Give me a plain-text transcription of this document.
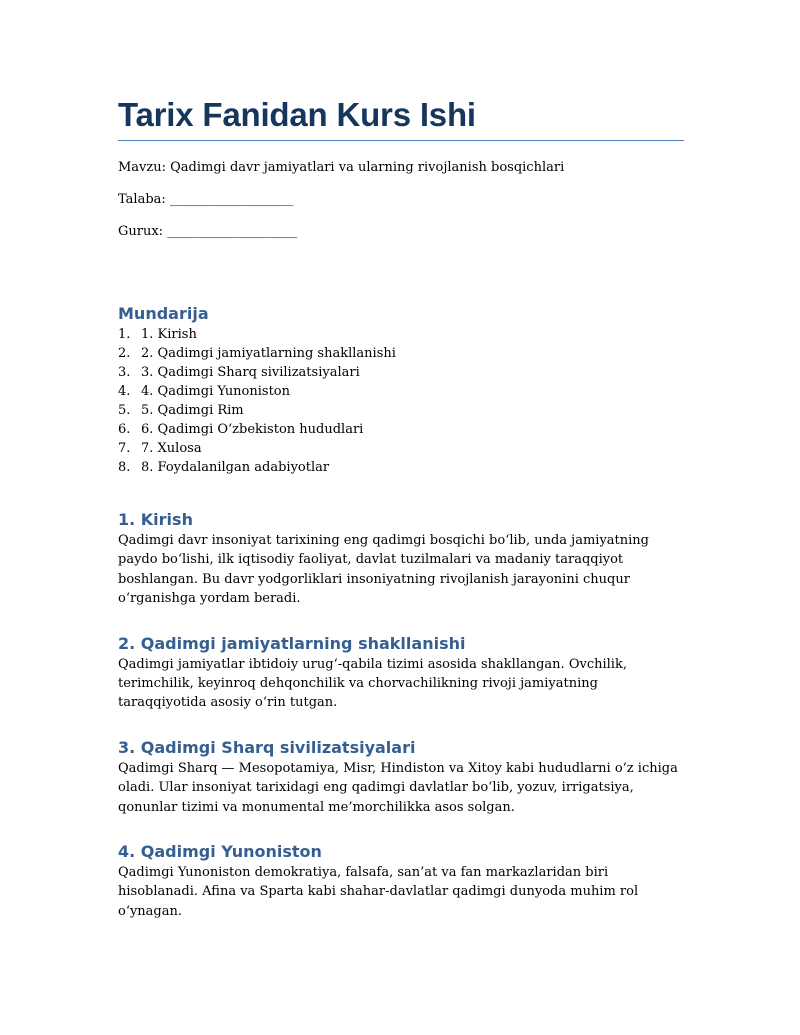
Tarix Fanidan Kurs Ishi

Mavzu: Qadimgi davr jamiyatlari va ularning rivojlanish bosqichlari

Talaba: ___________________

Gurux: ____________________

Mundarija
1. 1. Kirish
2. 2. Qadimgi jamiyatlarning shakllanishi
3. 3. Qadimgi Sharq sivilizatsiyalari
4. 4. Qadimgi Yunoniston
5. 5. Qadimgi Rim
6. 6. Qadimgi O‘zbekiston hududlari
7. 7. Xulosa
8. 8. Foydalanilgan adabiyotlar
1. Kirish

Qadimgi davr insoniyat tarixining eng qadimgi bosqichi bo‘lib, unda jamiyatning paydo bo‘lishi, ilk iqtisodiy faoliyat, davlat tuzilmalari va madaniy taraqqiyot boshlangan. Bu davr yodgorliklari insoniyatning rivojlanish jarayonini chuqur o‘rganishga yordam beradi.

2. Qadimgi jamiyatlarning shakllanishi

Qadimgi jamiyatlar ibtidoiy urug‘-qabila tizimi asosida shakllangan. Ovchilik, terimchilik, keyinroq dehqonchilik va chorvachilikning rivoji jamiyatning taraqqiyotida asosiy o‘rin tutgan.

3. Qadimgi Sharq sivilizatsiyalari

Qadimgi Sharq — Mesopotamiya, Misr, Hindiston va Xitoy kabi hududlarni o‘z ichiga oladi. Ular insoniyat tarixidagi eng qadimgi davlatlar bo‘lib, yozuv, irrigatsiya, qonunlar tizimi va monumental me’morchilikka asos solgan.

4. Qadimgi Yunoniston

Qadimgi Yunoniston demokratiya, falsafa, san’at va fan markazlaridan biri hisoblanadi. Afina va Sparta kabi shahar-davlatlar qadimgi dunyoda muhim rol o‘ynagan.
